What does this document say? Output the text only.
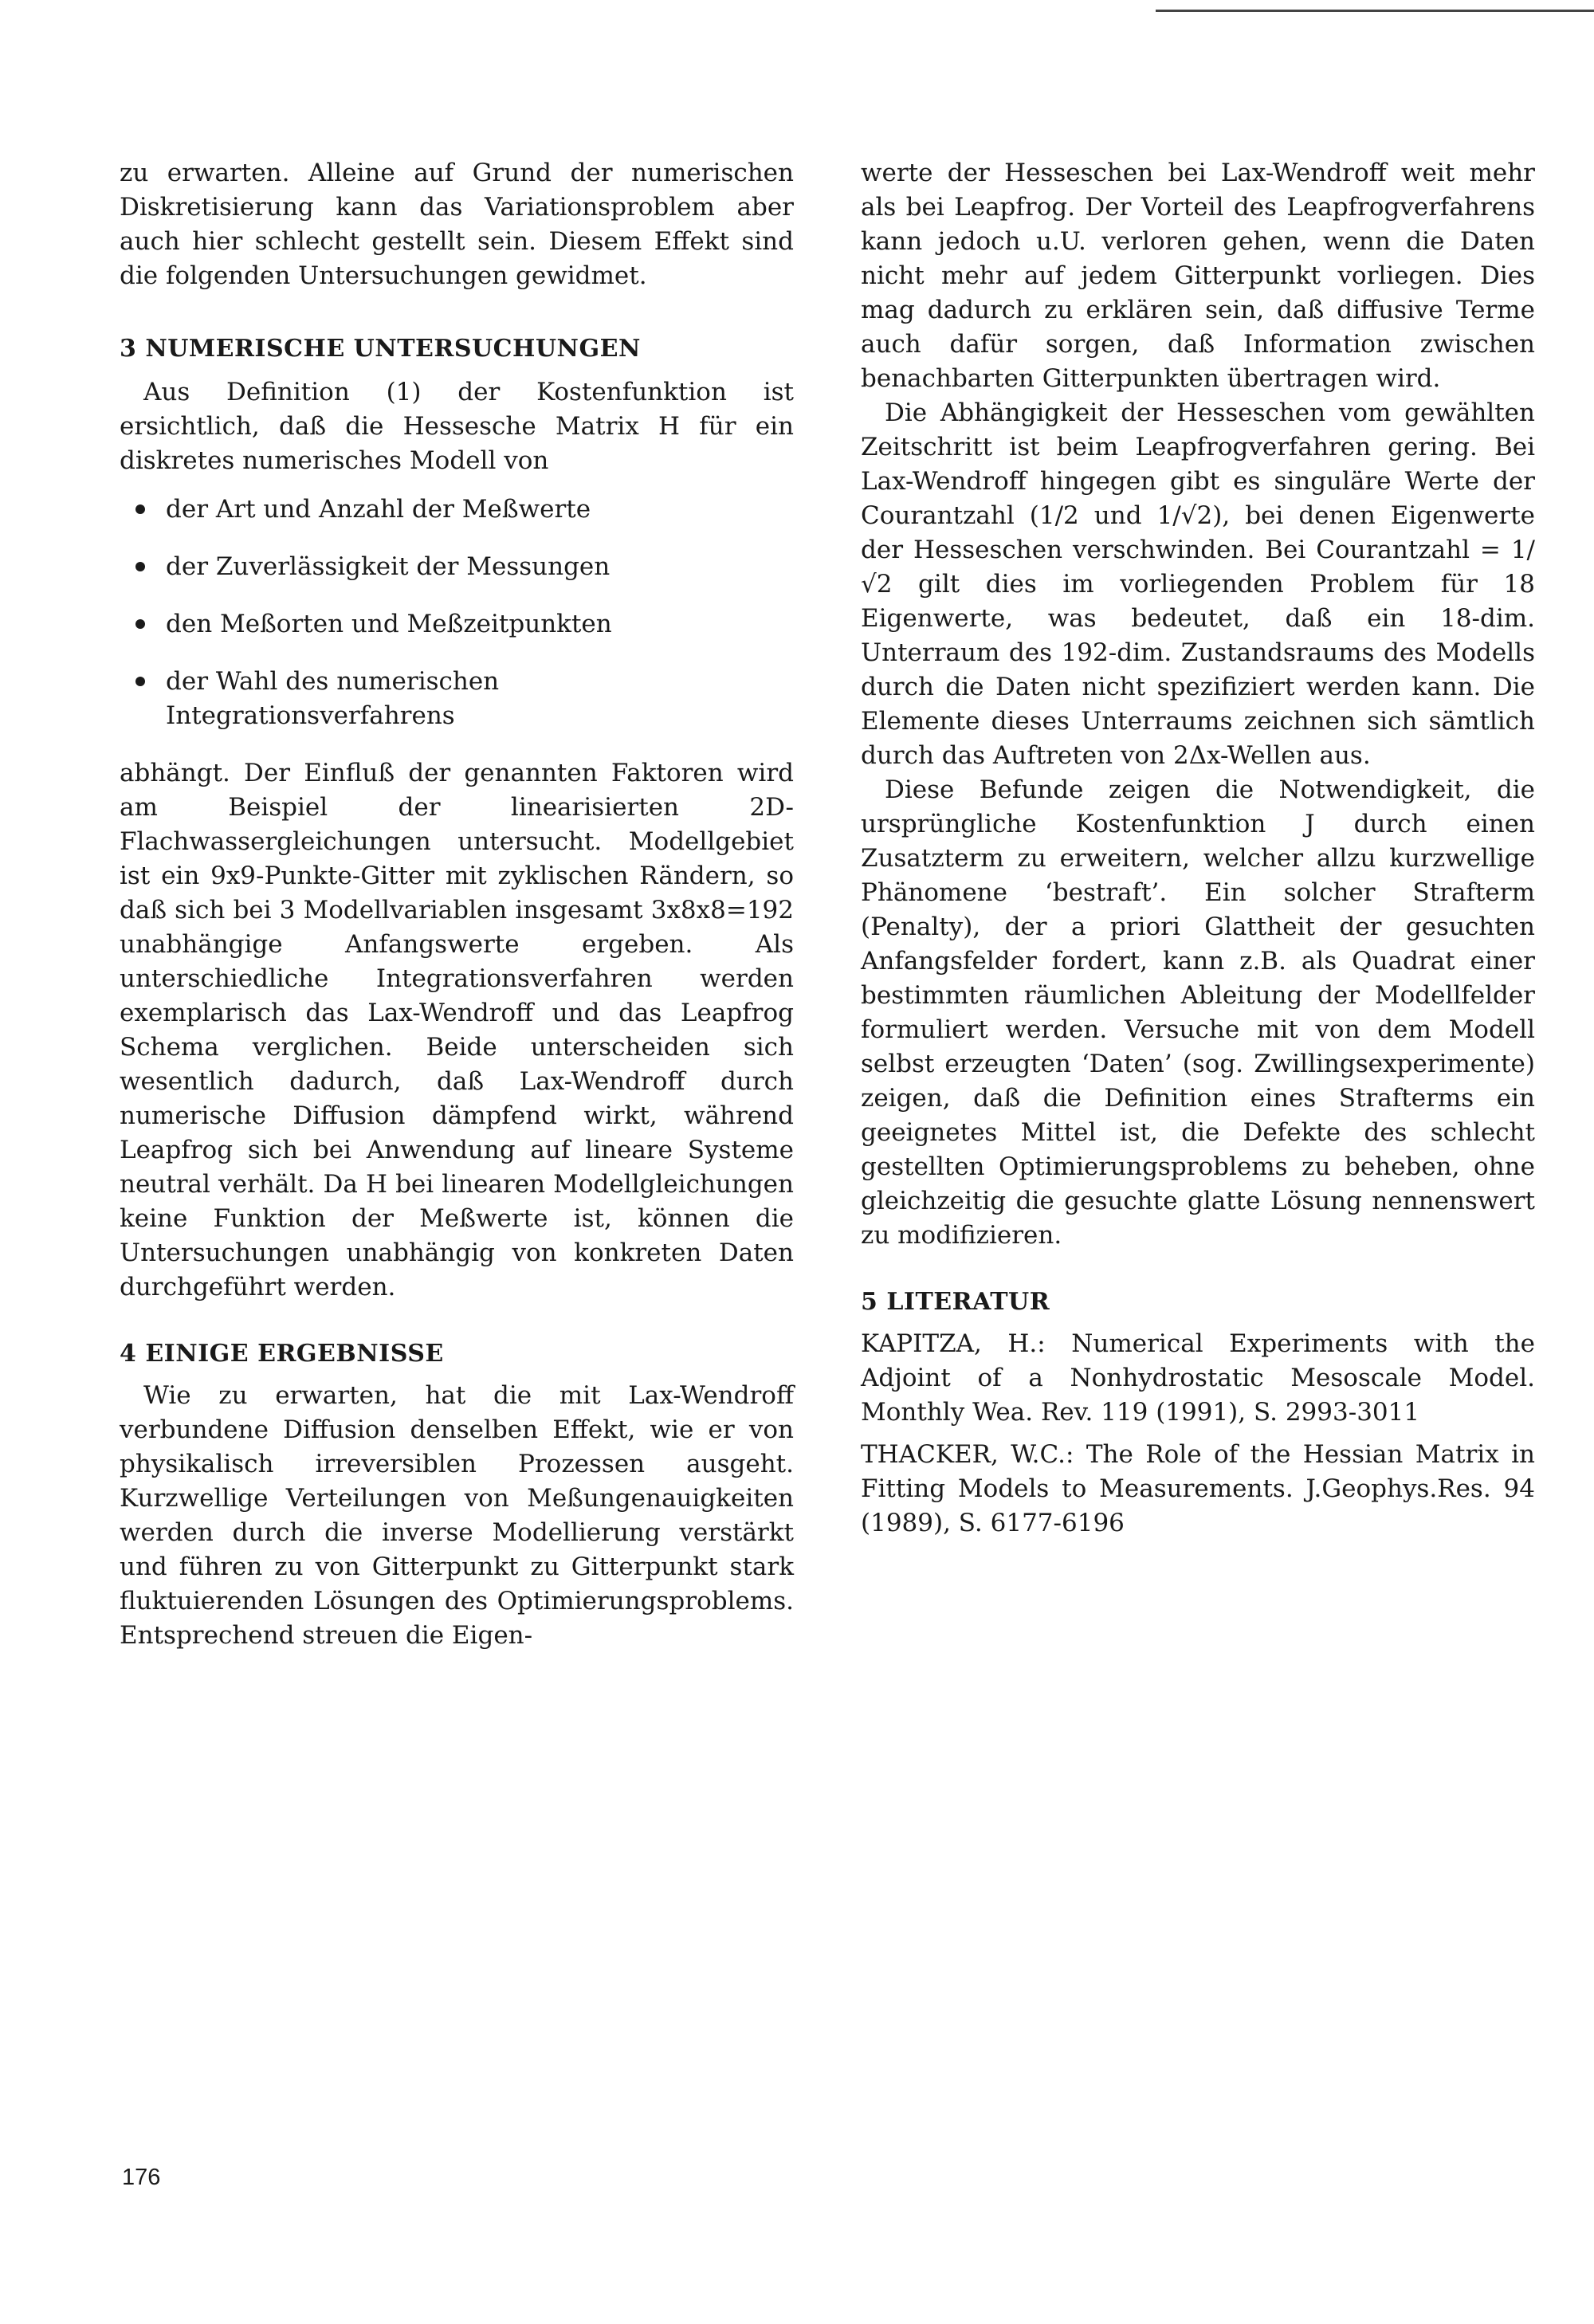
zu erwarten. Alleine auf Grund der numerischen Diskretisierung kann das Variationsproblem aber auch hier schlecht gestellt sein. Diesem Effekt sind die folgenden Untersuchungen gewidmet.

3 NUMERISCHE UNTERSUCHUNGEN

Aus Definition (1) der Kostenfunktion ist ersichtlich, daß die Hessesche Matrix H für ein diskretes numerisches Modell von

der Art und Anzahl der Meßwerte
der Zuverlässigkeit der Messungen
den Meßorten und Meßzeitpunkten
der Wahl des numerischen Integrationsverfahrens

abhängt. Der Einfluß der genannten Faktoren wird am Beispiel der linearisierten 2D-Flachwassergleichungen untersucht. Modellgebiet ist ein 9x9-Punkte-Gitter mit zyklischen Rändern, so daß sich bei 3 Modellvariablen insgesamt 3x8x8=192 unabhängige Anfangswerte ergeben. Als unterschiedliche Integrationsverfahren werden exemplarisch das Lax-Wendroff und das Leapfrog Schema verglichen. Beide unterscheiden sich wesentlich dadurch, daß Lax-Wendroff durch numerische Diffusion dämpfend wirkt, während Leapfrog sich bei Anwendung auf lineare Systeme neutral verhält. Da H bei linearen Modellgleichungen keine Funktion der Meßwerte ist, können die Untersuchungen unabhängig von konkreten Daten durchgeführt werden.

4 EINIGE ERGEBNISSE

Wie zu erwarten, hat die mit Lax-Wendroff verbundene Diffusion denselben Effekt, wie er von physikalisch irreversiblen Prozessen ausgeht. Kurzwellige Verteilungen von Meßungenauigkeiten werden durch die inverse Modellierung verstärkt und führen zu von Gitterpunkt zu Gitterpunkt stark fluktuierenden Lösungen des Optimierungsproblems. Entsprechend streuen die Eigen-

werte der Hesseschen bei Lax-Wendroff weit mehr als bei Leapfrog. Der Vorteil des Leapfrogverfahrens kann jedoch u.U. verloren gehen, wenn die Daten nicht mehr auf jedem Gitterpunkt vorliegen. Dies mag dadurch zu erklären sein, daß diffusive Terme auch dafür sorgen, daß Information zwischen benachbarten Gitterpunkten übertragen wird.

Die Abhängigkeit der Hesseschen vom gewählten Zeitschritt ist beim Leapfrogverfahren gering. Bei Lax-Wendroff hingegen gibt es singuläre Werte der Courantzahl (1/2 und 1/√2), bei denen Eigenwerte der Hesseschen verschwinden. Bei Courantzahl = 1/√2 gilt dies im vorliegenden Problem für 18 Eigenwerte, was bedeutet, daß ein 18-dim. Unterraum des 192-dim. Zustandsraums des Modells durch die Daten nicht spezifiziert werden kann. Die Elemente dieses Unterraums zeichnen sich sämtlich durch das Auftreten von 2Δx-Wellen aus.

Diese Befunde zeigen die Notwendigkeit, die ursprüngliche Kostenfunktion J durch einen Zusatzterm zu erweitern, welcher allzu kurzwellige Phänomene ‘bestraft’. Ein solcher Strafterm (Penalty), der a priori Glattheit der gesuchten Anfangsfelder fordert, kann z.B. als Quadrat einer bestimmten räumlichen Ableitung der Modellfelder formuliert werden. Versuche mit von dem Modell selbst erzeugten ‘Daten’ (sog. Zwillingsexperimente) zeigen, daß die Definition eines Strafterms ein geeignetes Mittel ist, die Defekte des schlecht gestellten Optimierungsproblems zu beheben, ohne gleichzeitig die gesuchte glatte Lösung nennenswert zu modifizieren.

5 LITERATUR

KAPITZA, H.: Numerical Experiments with the Adjoint of a Nonhydrostatic Mesoscale Model. Monthly Wea. Rev. 119 (1991), S. 2993-3011

THACKER, W.C.: The Role of the Hessian Matrix in Fitting Models to Measurements. J.Geophys.Res. 94 (1989), S. 6177-6196

176
